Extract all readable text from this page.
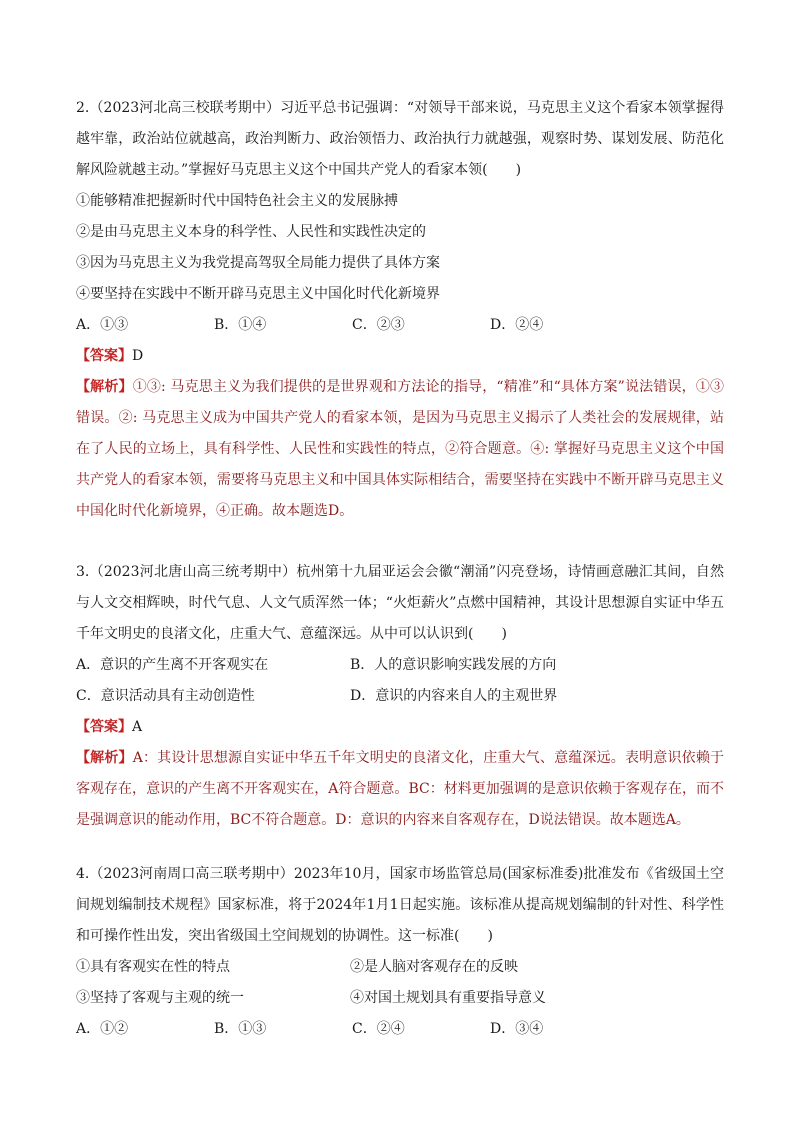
2.（2023河北高三校联考期中）习近平总书记强调：“对领导干部来说，马克思主义这个看家本领掌握得越牢靠，政治站位就越高，政治判断力、政治领悟力、政治执行力就越强，观察时势、谋划发展、防范化解风险就越主动。”掌握好马克思主义这个中国共产党人的看家本领(　　)
①能够精准把握新时代中国特色社会主义的发展脉搏
②是由马克思主义本身的科学性、人民性和实践性决定的
③因为马克思主义为我党提高驾驭全局能力提供了具体方案
④要坚持在实践中不断开辟马克思主义中国化时代化新境界
A．①③	B．①④	C．②③	D．②④
【答案】D
【解析】①③: 马克思主义为我们提供的是世界观和方法论的指导，“精准”和“具体方案”说法错误，①③错误。②: 马克思主义成为中国共产党人的看家本领，是因为马克思主义揭示了人类社会的发展规律，站在了人民的立场上，具有科学性、人民性和实践性的特点，②符合题意。④: 掌握好马克思主义这个中国共产党人的看家本领，需要将马克思主义和中国具体实际相结合，需要坚持在实践中不断开辟马克思主义中国化时代化新境界，④正确。故本题选D。
3.（2023河北唐山高三统考期中）杭州第十九届亚运会会徽“潮涌”闪亮登场，诗情画意融汇其间，自然与人文交相辉映，时代气息、人文气质浑然一体；“火炬薪火”点燃中国精神，其设计思想源自实证中华五千年文明史的良渚文化，庄重大气、意蕴深远。从中可以认识到(　　)
A．意识的产生离不开客观实在	B．人的意识影响实践发展的方向
C．意识活动具有主动创造性	D．意识的内容来自人的主观世界
【答案】A
【解析】A：其设计思想源自实证中华五千年文明史的良渚文化，庄重大气、意蕴深远。表明意识依赖于客观存在，意识的产生离不开客观实在，A符合题意。BC：材料更加强调的是意识依赖于客观存在，而不是强调意识的能动作用，BC不符合题意。D：意识的内容来自客观存在，D说法错误。故本题选A。
4.（2023河南周口高三联考期中）2023年10月，国家市场监管总局(国家标准委)批准发布《省级国土空间规划编制技术规程》国家标准，将于2024年1月1日起实施。该标准从提高规划编制的针对性、科学性和可操作性出发，突出省级国土空间规划的协调性。这一标准(　　)
①具有客观实在性的特点	②是人脑对客观存在的反映
③坚持了客观与主观的统一	④对国土规划具有重要指导意义
A．①②	B．①③	C．②④	D．③④
